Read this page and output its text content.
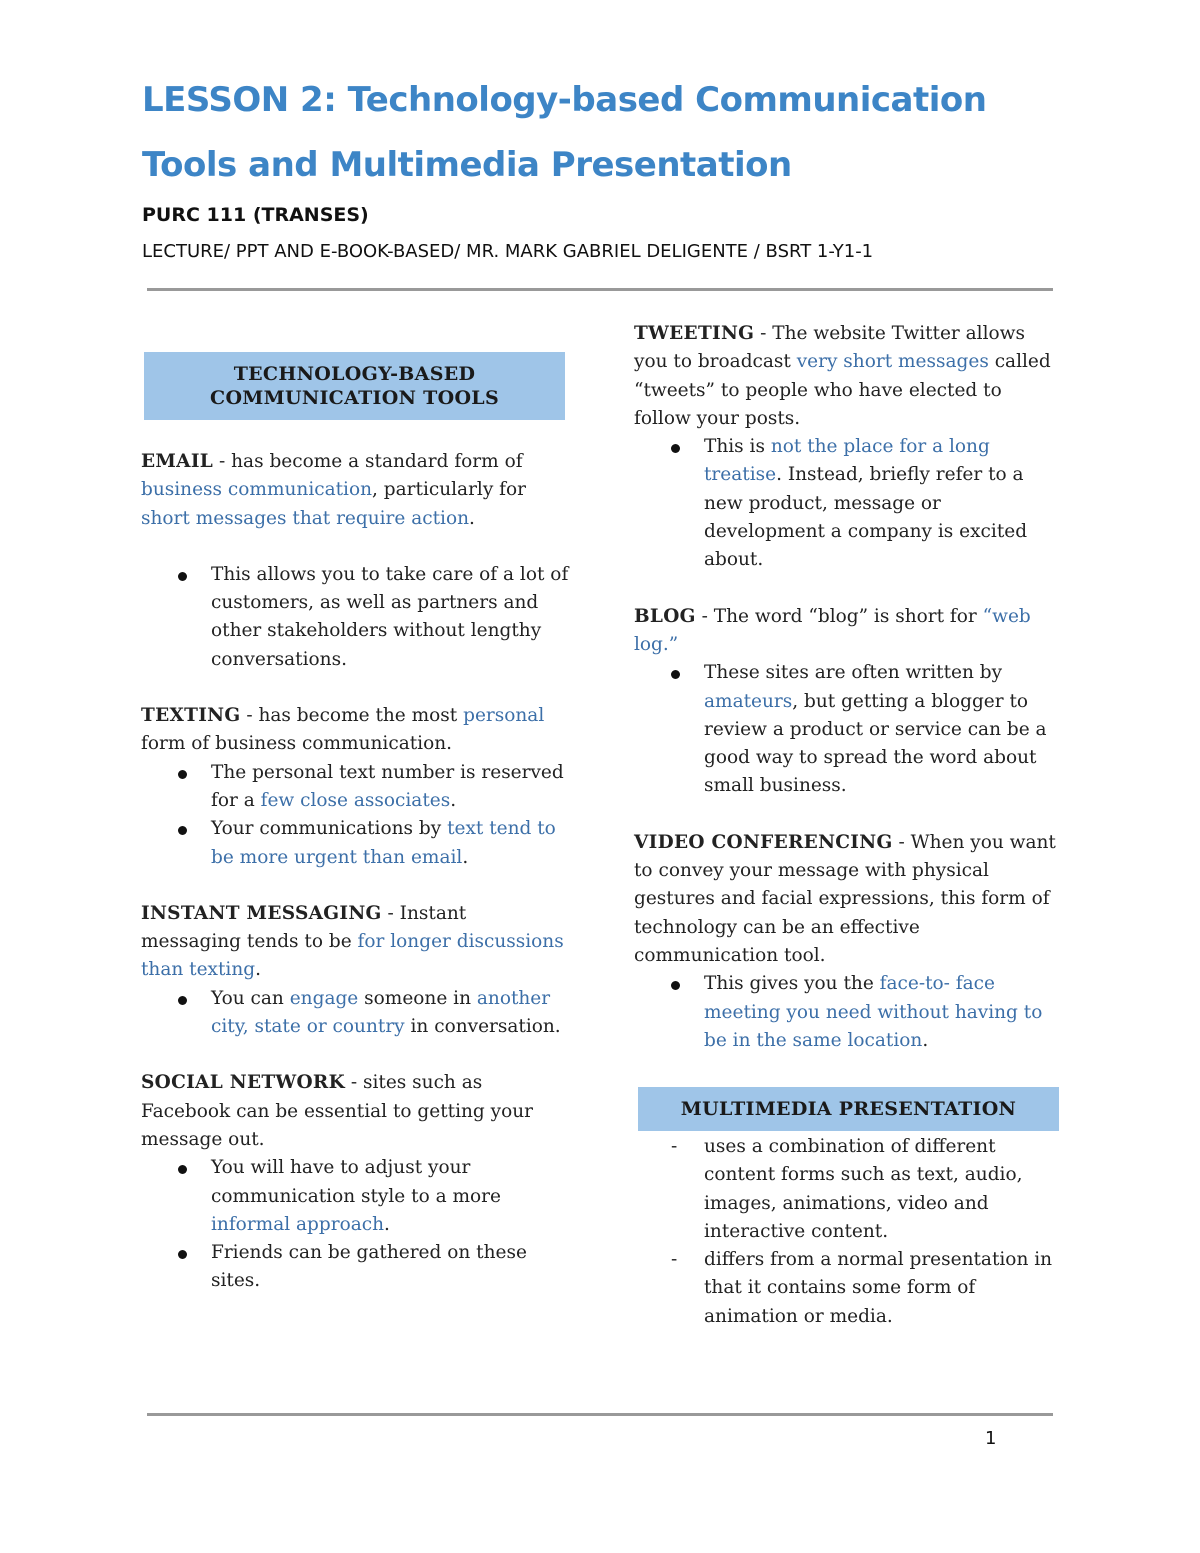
LESSON 2: Technology-based Communication
Tools and Multimedia Presentation
PURC 111 (TRANSES)
LECTURE/ PPT AND E-BOOK-BASED/ MR. MARK GABRIEL DELIGENTE / BSRT 1-Y1-1
TECHNOLOGY-BASED
COMMUNICATION TOOLS

EMAIL - has become a standard form of business communication, particularly for short messages that require action.

This allows you to take care of a lot of customers, as well as partners and other stakeholders without lengthy conversations.

TEXTING - has become the most personal form of business communication.

The personal text number is reserved for a few close associates.
Your communications by text tend to be more urgent than email.

INSTANT MESSAGING - Instant messaging tends to be for longer discussions than texting.

You can engage someone in another city, state or country in conversation.

SOCIAL NETWORK - sites such as Facebook can be essential to getting your message out.

You will have to adjust your communication style to a more informal approach.
Friends can be gathered on these sites.

TWEETING - The website Twitter allows you to broadcast very short messages called “tweets” to people who have elected to follow your posts.

This is not the place for a long treatise. Instead, briefly refer to a new product, message or development a company is excited about.

BLOG - The word “blog” is short for “web log.”

These sites are often written by amateurs, but getting a blogger to review a product or service can be a good way to spread the word about small business.

VIDEO CONFERENCING - When you want to convey your message with physical gestures and facial expressions, this form of technology can be an effective communication tool.

This gives you the face-to- face meeting you need without having to be in the same location.
MULTIMEDIA PRESENTATION
- uses a combination of different content forms such as text, audio, images, animations, video and interactive content.
- differs from a normal presentation in that it contains some form of animation or media.
1
